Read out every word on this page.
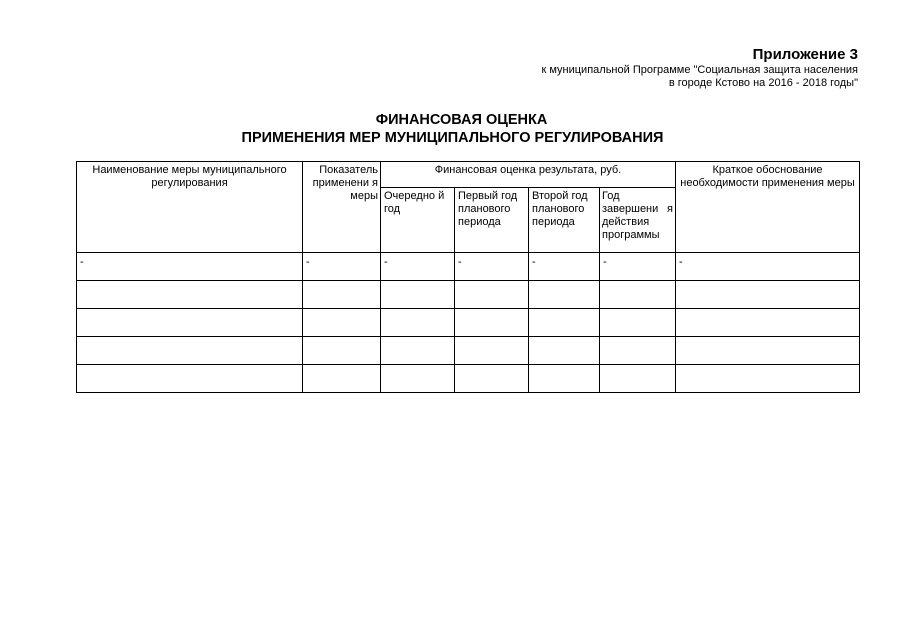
Приложение 3
к муниципальной Программе "Социальная защита населения
в городе Кстово на 2016 - 2018 годы"
ФИНАНСОВАЯ ОЦЕНКА
ПРИМЕНЕНИЯ МЕР МУНИЦИПАЛЬНОГО РЕГУЛИРОВАНИЯ
Наименование меры муниципального регулирования	Показатель применени я меры	Финансовая оценка результата, руб.				Краткое обоснование необходимости применения меры
		Очередно й год	Первый год планового периода	Второй год планового периода	Год завершени я действия программы	
-	-	-	-	-	-	-
